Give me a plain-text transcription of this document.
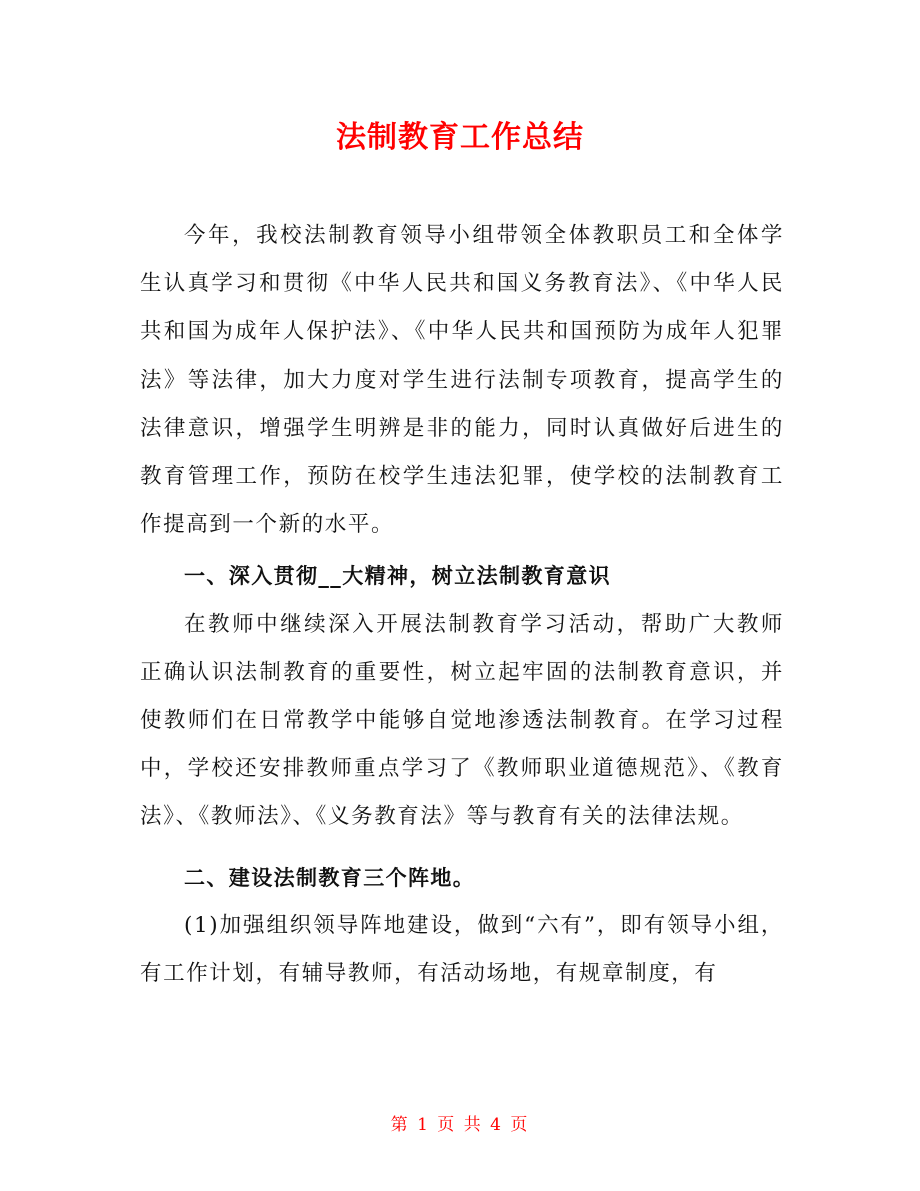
法制教育工作总结

今年，我校法制教育领导小组带领全体教职员工和全体学生认真学习和贯彻《中华人民共和国义务教育法》、《中华人民共和国为成年人保护法》、《中华人民共和国预防为成年人犯罪法》等法律，加大力度对学生进行法制专项教育，提高学生的法律意识，增强学生明辨是非的能力，同时认真做好后进生的教育管理工作，预防在校学生违法犯罪，使学校的法制教育工作提高到一个新的水平。

一、深入贯彻__大精神，树立法制教育意识

在教师中继续深入开展法制教育学习活动，帮助广大教师正确认识法制教育的重要性，树立起牢固的法制教育意识，并使教师们在日常教学中能够自觉地渗透法制教育。在学习过程中，学校还安排教师重点学习了《教师职业道德规范》、《教育法》、《教师法》、《义务教育法》等与教育有关的法律法规。

二、建设法制教育三个阵地。

(1)加强组织领导阵地建设，做到“六有”，即有领导小组，有工作计划，有辅导教师，有活动场地，有规章制度，有

第 1 页 共 4 页
